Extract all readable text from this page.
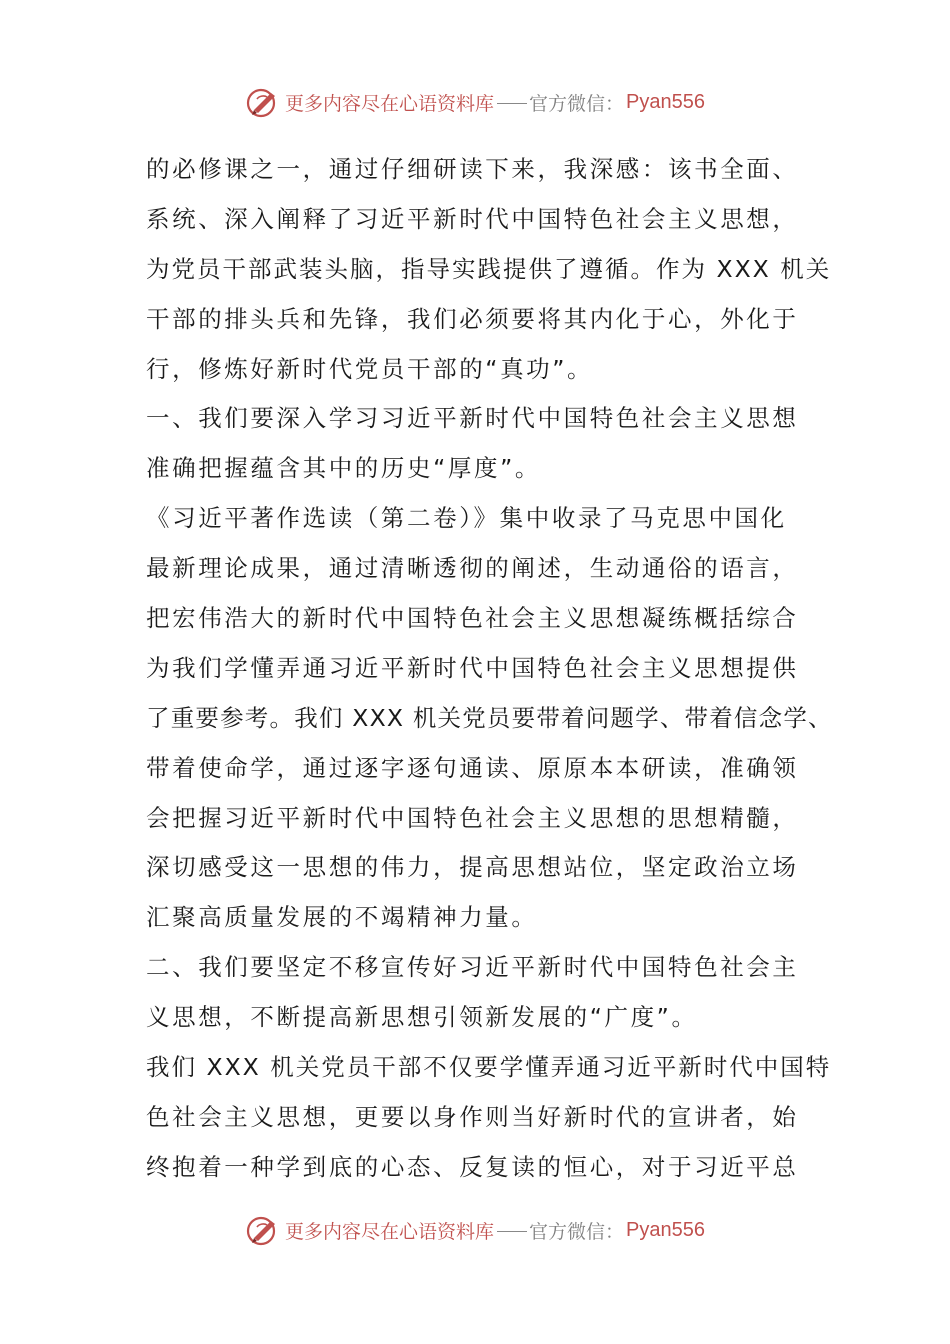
更多内容尽在心语资料库 官方微信： Pyan556
的必修课之一，通过仔细研读下来，我深感：该书全面、
系统、深入阐释了习近平新时代中国特色社会主义思想，
为党员干部武装头脑，指导实践提供了遵循。作为 XXX 机关
干部的排头兵和先锋，我们必须要将其内化于心，外化于
行，修炼好新时代党员干部的“真功”。
一、我们要深入学习习近平新时代中国特色社会主义思想
准确把握蕴含其中的历史“厚度”。
《习近平著作选读（第二卷）》集中收录了马克思中国化
最新理论成果，通过清晰透彻的阐述，生动通俗的语言，
把宏伟浩大的新时代中国特色社会主义思想凝练概括综合
为我们学懂弄通习近平新时代中国特色社会主义思想提供
了重要参考。我们 XXX 机关党员要带着问题学、带着信念学、
带着使命学，通过逐字逐句通读、原原本本研读，准确领
会把握习近平新时代中国特色社会主义思想的思想精髓，
深切感受这一思想的伟力，提高思想站位，坚定政治立场
汇聚高质量发展的不竭精神力量。
二、我们要坚定不移宣传好习近平新时代中国特色社会主
义思想，不断提高新思想引领新发展的“广度”。
我们 XXX 机关党员干部不仅要学懂弄通习近平新时代中国特
色社会主义思想，更要以身作则当好新时代的宣讲者，始
终抱着一种学到底的心态、反复读的恒心，对于习近平总
更多内容尽在心语资料库 官方微信： Pyan556
